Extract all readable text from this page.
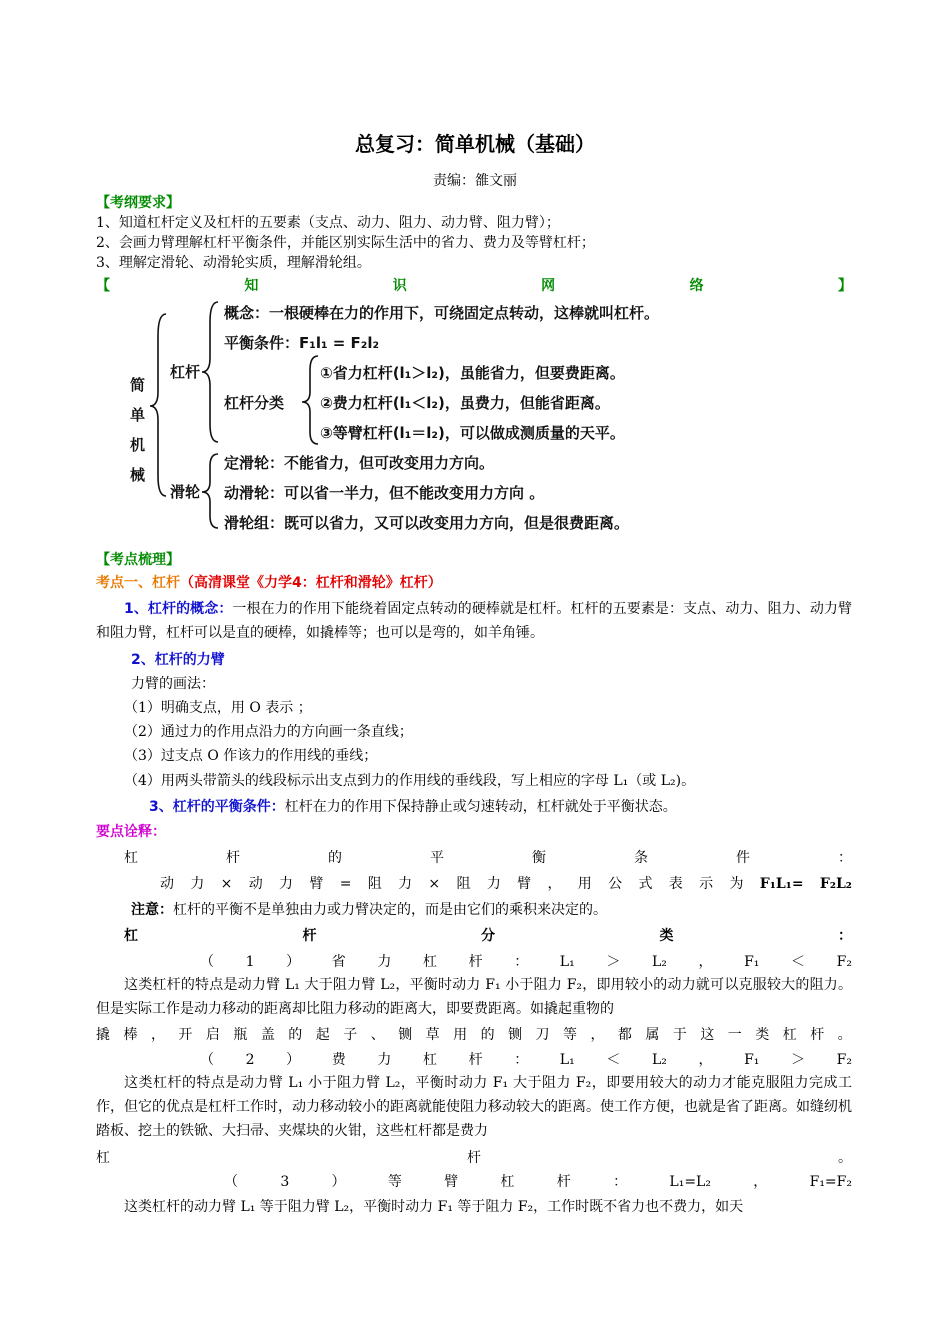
总复习：简单机械（基础）
责编：雒文丽
【考纲要求】
1、知道杠杆定义及杠杆的五要素（支点、动力、阻力、动力臂、阻力臂）；
2、会画力臂理解杠杆平衡条件，并能区别实际生活中的省力、费力及等臂杠杆；
3、理解定滑轮、动滑轮实质，理解滑轮组。
【	知	识	网	络	】
简
单
机
械
杠杆
概念：一根硬棒在力的作用下，可绕固定点转动，这棒就叫杠杆。
平衡条件：F₁l₁ = F₂l₂
杠杆分类
①省力杠杆(l₁＞l₂)，虽能省力，但要费距离。
②费力杠杆(l₁＜l₂)，虽费力，但能省距离。
③等臂杠杆(l₁＝l₂)，可以做成测质量的天平。
滑轮
定滑轮：不能省力，但可改变用力方向。
动滑轮：可以省一半力，但不能改变用力方向 。
滑轮组：既可以省力，又可以改变用力方向，但是很费距离。
【考点梳理】
考点一、杠杆（高清课堂《力学4：杠杆和滑轮》杠杆）
1、杠杆的概念：一根在力的作用下能绕着固定点转动的硬棒就是杠杆。杠杆的五要素是：支点、动力、阻力、动力臂和阻力臂，杠杆可以是直的硬棒，如撬棒等；也可以是弯的，如羊角锤。
2、杠杆的力臂
力臂的画法：
（1）明确支点，用 O 表示 ；
（2）通过力的作用点沿力的方向画一条直线；
（3）过支点 O 作该力的作用线的垂线；
（4）用两头带箭头的线段标示出支点到力的作用线的垂线段，写上相应的字母 L₁（或 L₂)。
3、杠杆的平衡条件：杠杆在力的作用下保持静止或匀速转动，杠杆就处于平衡状态。
要点诠释：
杠	杆	的	平	衡	条	件	：
动 力 × 动 力 臂 = 阻 力 × 阻 力 臂 ， 用 公 式 表 示 为 F₁L₁= F₂L₂
注意：杠杆的平衡不是单独由力或力臂决定的，而是由它们的乘积来决定的。
杠	杆	分	类	：
（ 1 ） 省 力 杠 杆 ： L₁ ＞ L₂ ， F₁ ＜ F₂
这类杠杆的特点是动力臂 L₁ 大于阻力臂 L₂，平衡时动力 F₁ 小于阻力 F₂，即用较小的动力就可以克服较大的阻力。但是实际工作是动力移动的距离却比阻力移动的距离大，即要费距离。如撬起重物的
撬 棒 ， 开 启 瓶 盖 的 起 子 、 铡 草 用 的 铡 刀 等 ， 都 属 于 这 一 类 杠 杆 。
（ 2 ） 费 力 杠 杆 ： L₁ ＜ L₂ ， F₁ ＞ F₂
这类杠杆的特点是动力臂 L₁ 小于阻力臂 L₂，平衡时动力 F₁ 大于阻力 F₂，即要用较大的动力才能克服阻力完成工作，但它的优点是杠杆工作时，动力移动较小的距离就能使阻力移动较大的距离。使工作方便，也就是省了距离。如缝纫机踏板、挖土的铁锨、大扫帚、夹煤块的火钳，这些杠杆都是费力
杠	杆	。
（	3	）	等	臂	杠	杆	：	L₁=L₂	，	F₁=F₂
这类杠杆的动力臂 L₁ 等于阻力臂 L₂，平衡时动力 F₁ 等于阻力 F₂，工作时既不省力也不费力，如天
